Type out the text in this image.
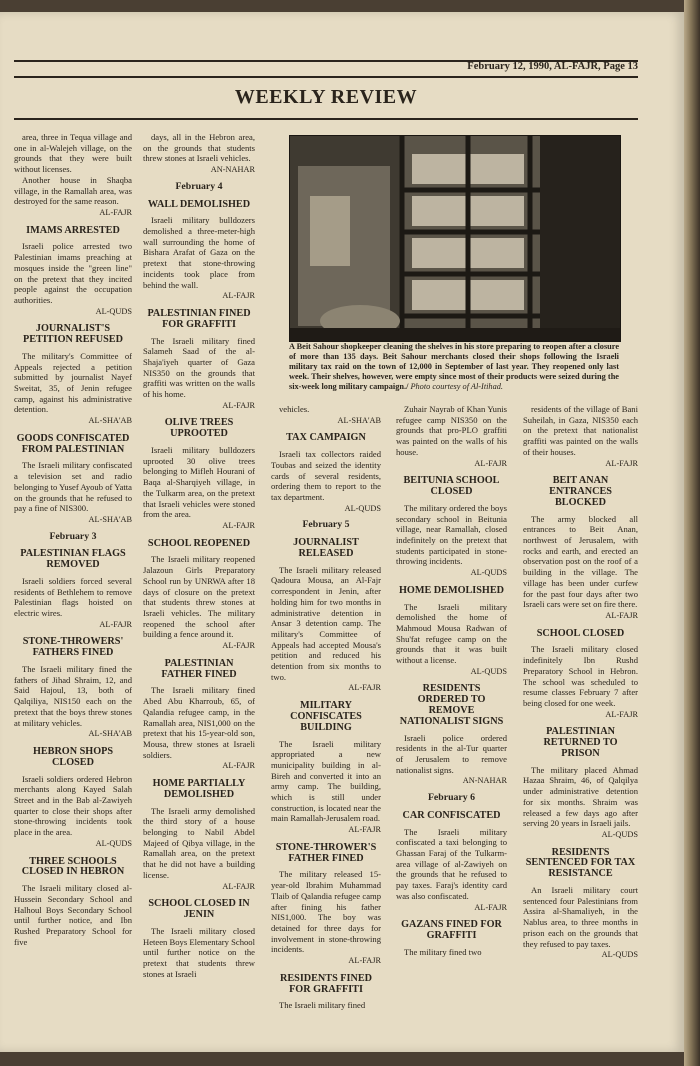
February 12, 1990, AL-FAJR, Page 13
WEEKLY REVIEW

area, three in Tequa village and one in al-Walejeh village, on the grounds that they were built without licenses.

Another house in Shaqba village, in the Ramallah area, was destroyed for the same reason.

AL-FAJR
IMAMS ARRESTED

Israeli police arrested two Palestinian imams preaching at mosques inside the "green line" on the pretext that they incited people against the occupation authorities.

AL-QUDS
JOURNALIST'S PETITION REFUSED

The military's Committee of Appeals rejected a petition submitted by journalist Nayef Sweitat, 35, of Jenin refugee camp, against his administrative detention.

AL-SHA'AB
GOODS CONFISCATED FROM PALESTINIAN

The Israeli military confiscated a television set and radio belonging to Yusef Ayoub of Yatta on the grounds that he refused to pay a fine of NIS300.

AL-SHA'AB
February 3
PALESTINIAN FLAGS REMOVED

Israeli soldiers forced several residents of Bethlehem to remove Palestinian flags hoisted on electric wires.

AL-FAJR
STONE-THROWERS' FATHERS FINED

The Israeli military fined the fathers of Jihad Shraim, 12, and Said Hajoul, 13, both of Qalqiliya, NIS150 each on the pretext that the boys threw stones at military vehicles.

AL-SHA'AB
HEBRON SHOPS CLOSED

Israeli soldiers ordered Hebron merchants along Kayed Salah Street and in the Bab al-Zawiyeh quarter to close their shops after stone-throwing incidents took place in the area.

AL-QUDS
THREE SCHOOLS CLOSED IN HEBRON

The Israeli military closed al-Hussein Secondary School and Halhoul Boys Secondary School until further notice, and Ibn Rushed Preparatory School for five

days, all in the Hebron area, on the grounds that students threw stones at Israeli vehicles.

AN-NAHAR
February 4
WALL DEMOLISHED

Israeli military bulldozers demolished a three-meter-high wall surrounding the home of Bishara Arafat of Gaza on the pretext that stone-throwing incidents took place from behind the wall.

AL-FAJR
PALESTINIAN FINED FOR GRAFFITI

The Israeli military fined Salameh Saad of the al-Shaja'iyeh quarter of Gaza NIS350 on the grounds that graffiti was written on the walls of his home.

AL-FAJR
OLIVE TREES UPROOTED

Israeli military bulldozers uprooted 30 olive trees belonging to Mifleh Hourani of Baqa al-Sharqiyeh village, in the Tulkarm area, on the pretext that Israeli vehicles were stoned from the area.

AL-FAJR
SCHOOL REOPENED

The Israeli military reopened Jalazoun Girls Preparatory School run by UNRWA after 18 days of closure on the pretext that students threw stones at Israeli vehicles. The military reopened the school after building a fence around it.

AL-FAJR
PALESTINIAN FATHER FINED

The Israeli military fined Abed Abu Kharroub, 65, of Qalandia refugee camp, in the Ramallah area, NIS1,000 on the pretext that his 15-year-old son, Mousa, threw stones at Israeli soldiers.

AL-FAJR
HOME PARTIALLY DEMOLISHED

The Israeli army demolished the third story of a house belonging to Nabil Abdel Majeed of Qibya village, in the Ramallah area, on the pretext that he did not have a building license.

AL-FAJR
SCHOOL CLOSED IN JENIN

The Israeli military closed Heteen Boys Elementary School until further notice on the pretext that students threw stones at Israeli

A Beit Sahour shopkeeper cleaning the shelves in his store preparing to reopen after a closure of more than 135 days. Beit Sahour merchants closed their shops following the Israeli military tax raid on the town of 12,000 in September of last year. They reopened only last week. Their shelves, however, were empty since most of their products were seized during the six-week long military campaign./ Photo courtesy of Al-Itihad.

vehicles.

AL-SHA'AB
TAX CAMPAIGN

Israeli tax collectors raided Toubas and seized the identity cards of several residents, ordering them to report to the tax department.

AL-QUDS
February 5
JOURNALIST RELEASED

The Israeli military released Qadoura Mousa, an Al-Fajr correspondent in Jenin, after holding him for two months in administrative detention in Ansar 3 detention camp. The military's Committee of Appeals had accepted Mousa's petition and reduced his detention from six months to two.

AL-FAJR
MILITARY CONFISCATES BUILDING

The Israeli military appropriated a new municipality building in al-Bireh and converted it into an army camp. The building, which is still under construction, is located near the main Ramallah-Jerusalem road.

AL-FAJR
STONE-THROWER'S FATHER FINED

The military released 15-year-old Ibrahim Muhammad Tlaib of Qalandia refugee camp after fining his father NIS1,000. The boy was detained for three days for involvement in stone-throwing incidents.

AL-FAJR
RESIDENTS FINED FOR GRAFFITI

The Israeli military fined

Zuhair Nayrab of Khan Yunis refugee camp NIS350 on the grounds that pro-PLO graffiti was painted on the walls of his house.

AL-FAJR
BEITUNIA SCHOOL CLOSED

The military ordered the boys secondary school in Beitunia village, near Ramallah, closed indefinitely on the pretext that students participated in stone-throwing incidents.

AL-QUDS
HOME DEMOLISHED

The Israeli military demolished the home of Mahmoud Mousa Radwan of Shu'fat refugee camp on the grounds that it was built without a license.

AL-QUDS
RESIDENTS ORDERED TO REMOVE NATIONALIST SIGNS

Israeli police ordered residents in the al-Tur quarter of Jerusalem to remove nationalist signs.

AN-NAHAR
February 6
CAR CONFISCATED

The Israeli military confiscated a taxi belonging to Ghassan Faraj of the Tulkarm-area village of al-Zawiyeh on the grounds that he refused to pay taxes. Faraj's identity card was also confiscated.

AL-FAJR
GAZANS FINED FOR GRAFFITI

The military fined two

residents of the village of Bani Suheilah, in Gaza, NIS350 each on the pretext that nationalist graffiti was painted on the walls of their houses.

AL-FAJR
BEIT ANAN ENTRANCES BLOCKED

The army blocked all entrances to Beit Anan, northwest of Jerusalem, with rocks and earth, and erected an observation post on the roof of a building in the village. The village has been under curfew for the past four days after two Israeli cars were set on fire there.

AL-FAJR
SCHOOL CLOSED

The Israeli military closed indefinitely Ibn Rushd Preparatory School in Hebron. The school was scheduled to resume classes February 7 after being closed for one week.

AL-FAJR
PALESTINIAN RETURNED TO PRISON

The military placed Ahmad Hazaa Shraim, 46, of Qalqilya under administrative detention for six months. Shraim was released a few days ago after serving 20 years in Israeli jails.

AL-QUDS
RESIDENTS SENTENCED FOR TAX RESISTANCE

An Israeli military court sentenced four Palestinians from Assira al-Shamaliyeh, in the Nablus area, to three months in prison each on the grounds that they refused to pay taxes.

AL-QUDS
